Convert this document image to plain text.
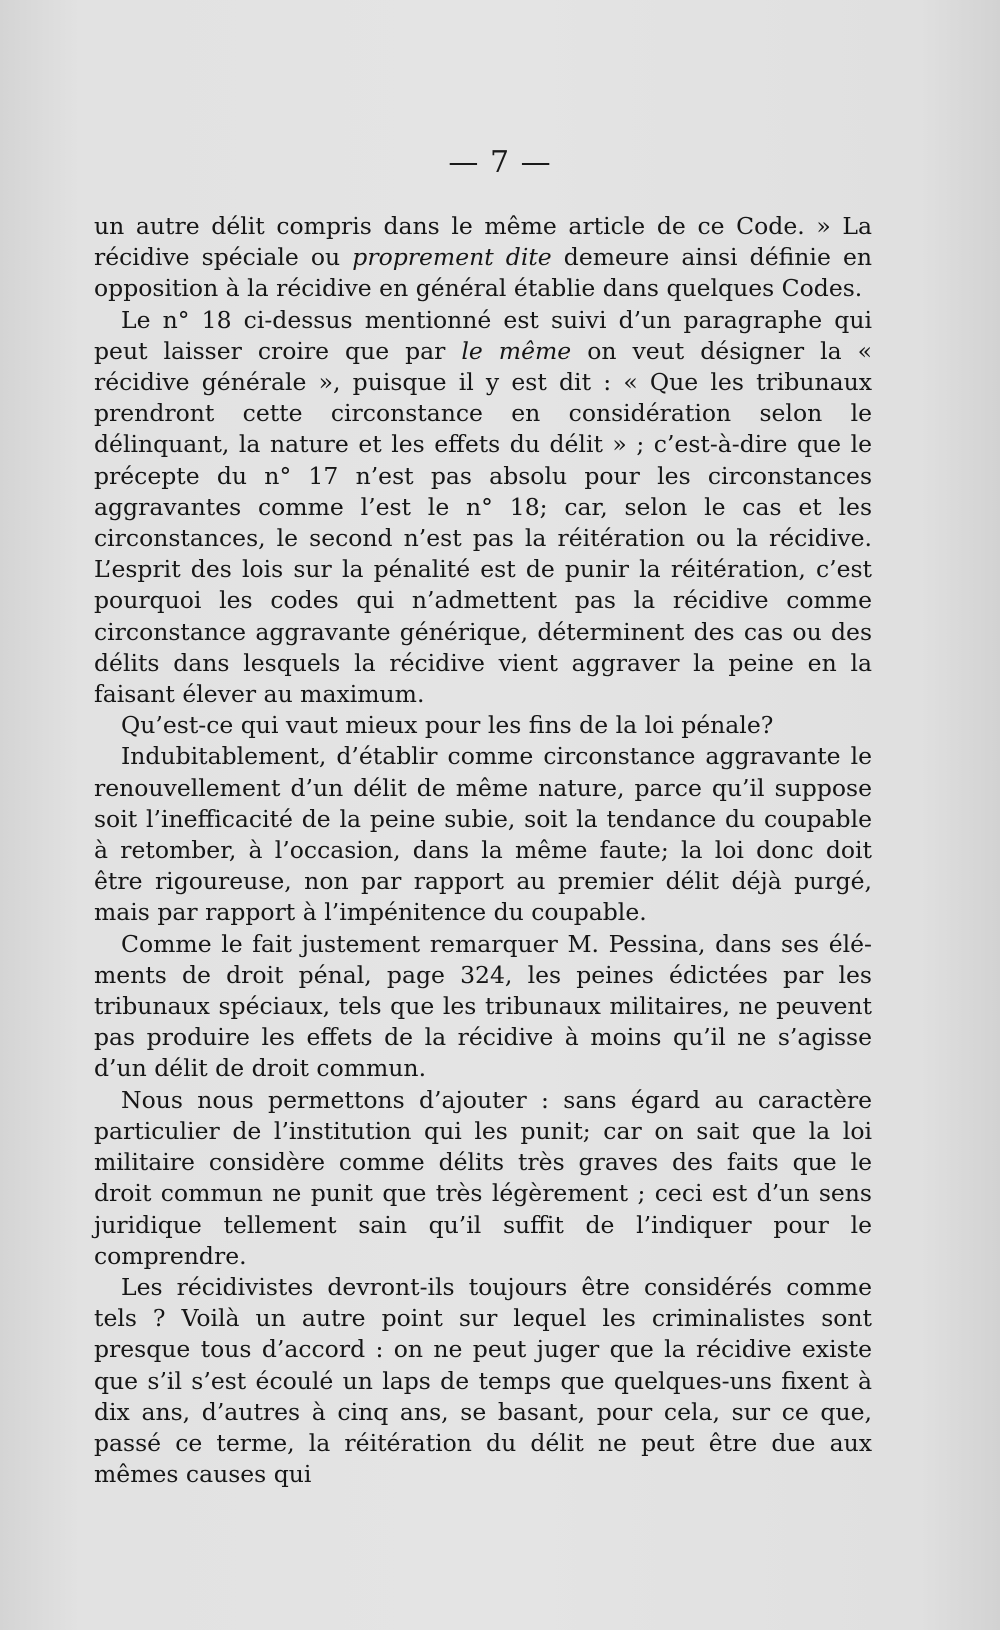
— 7 —

un autre délit compris dans le même article de ce Code. » La récidive spéciale ou proprement dite demeure ainsi définie en opposition à la récidive en général établie dans quelques Codes.

Le n° 18 ci-dessus mentionné est suivi d’un paragraphe qui peut laisser croire que par le même on veut désigner la « récidive générale », puisque il y est dit : « Que les tribunaux prendront cette circonstance en considération selon le délinquant, la nature et les effets du délit » ; c’est-à-dire que le précepte du n° 17 n’est pas absolu pour les circonstances aggravantes comme l’est le n° 18; car, selon le cas et les circonstances, le second n’est pas la réitération ou la récidive. L’esprit des lois sur la pénalité est de punir la réitération, c’est pourquoi les codes qui n’admettent pas la récidive comme circonstance aggravante générique, déterminent des cas ou des délits dans lesquels la récidive vient aggraver la peine en la faisant élever au maximum.

Qu’est-ce qui vaut mieux pour les fins de la loi pénale?

Indubitablement, d’établir comme circonstance aggravante le renouvellement d’un délit de même nature, parce qu’il suppose soit l’inefficacité de la peine subie, soit la tendance du coupable à retomber, à l’occasion, dans la même faute; la loi donc doit être rigoureuse, non par rapport au premier délit déjà purgé, mais par rapport à l’impénitence du coupable.

Comme le fait justement remarquer M. Pessina, dans ses éléments de droit pénal, page 324, les peines édictées par les tribunaux spéciaux, tels que les tribunaux militaires, ne peuvent pas produire les effets de la récidive à moins qu’il ne s’agisse d’un délit de droit commun.

Nous nous permettons d’ajouter : sans égard au caractère particulier de l’institution qui les punit; car on sait que la loi militaire considère comme délits très graves des faits que le droit commun ne punit que très légèrement ; ceci est d’un sens juridique tellement sain qu’il suffit de l’indiquer pour le comprendre.

Les récidivistes devront-ils toujours être considérés comme tels ? Voilà un autre point sur lequel les criminalistes sont presque tous d’accord : on ne peut juger que la récidive existe que s’il s’est écoulé un laps de temps que quelques-uns fixent à dix ans, d’autres à cinq ans, se basant, pour cela, sur ce que, passé ce terme, la réitération du délit ne peut être due aux mêmes causes qui
